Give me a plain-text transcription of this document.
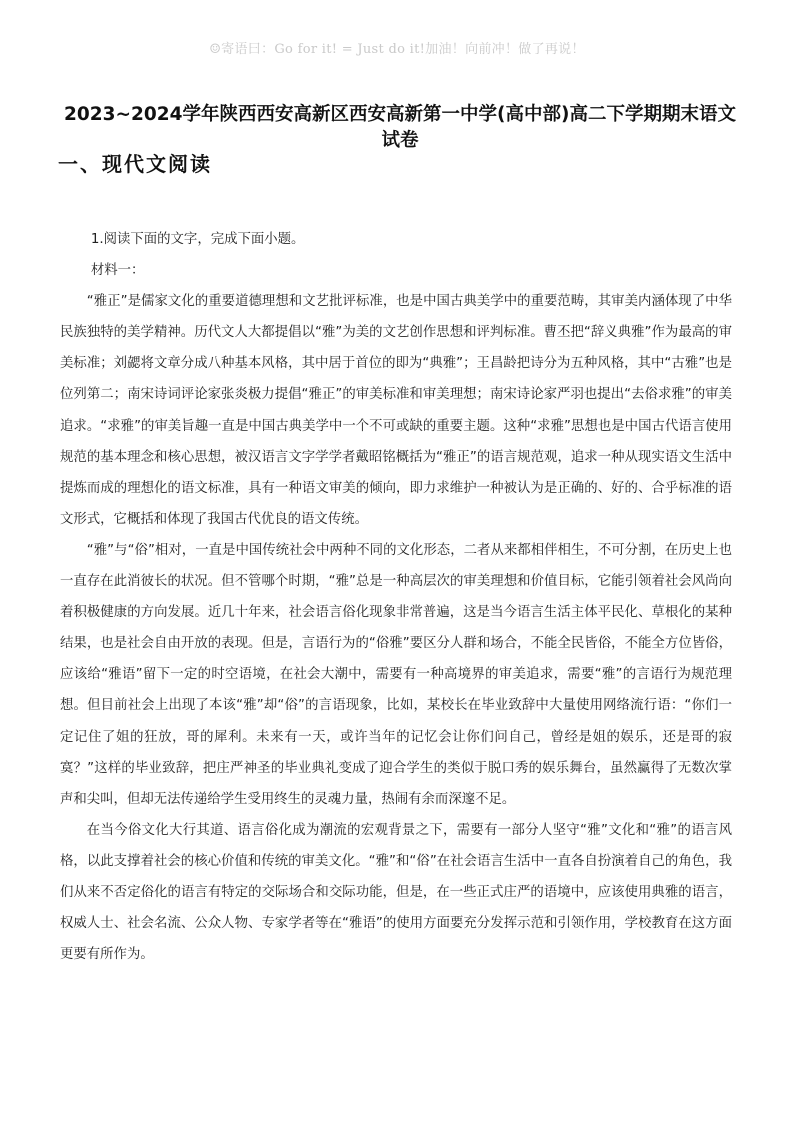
☺寄语曰：Go for it! = Just do it!加油！向前冲！做了再说！
2023~2024学年陕西西安高新区西安高新第一中学(高中部)高二下学期期末语文试卷
一、现代文阅读

1.阅读下面的文字，完成下面小题。

材料一：

“雅正”是儒家文化的重要道德理想和文艺批评标准，也是中国古典美学中的重要范畴，其审美内涵体现了中华民族独特的美学精神。历代文人大都提倡以“雅”为美的文艺创作思想和评判标准。曹丕把“辞义典雅”作为最高的审美标准；刘勰将文章分成八种基本风格，其中居于首位的即为“典雅”；王昌龄把诗分为五种风格，其中“古雅”也是位列第二；南宋诗词评论家张炎极力提倡“雅正”的审美标准和审美理想；南宋诗论家严羽也提出“去俗求雅”的审美追求。“求雅”的审美旨趣一直是中国古典美学中一个不可或缺的重要主题。这种“求雅”思想也是中国古代语言使用规范的基本理念和核心思想，被汉语言文字学学者戴昭铭概括为“雅正”的语言规范观，追求一种从现实语文生活中提炼而成的理想化的语文标准，具有一种语文审美的倾向，即力求维护一种被认为是正确的、好的、合乎标准的语文形式，它概括和体现了我国古代优良的语文传统。

“雅”与“俗”相对，一直是中国传统社会中两种不同的文化形态，二者从来都相伴相生，不可分割，在历史上也一直存在此消彼长的状况。但不管哪个时期，“雅”总是一种高层次的审美理想和价值目标，它能引领着社会风尚向着积极健康的方向发展。近几十年来，社会语言俗化现象非常普遍，这是当今语言生活主体平民化、草根化的某种结果，也是社会自由开放的表现。但是，言语行为的“俗雅”要区分人群和场合，不能全民皆俗，不能全方位皆俗，应该给“雅语”留下一定的时空语境，在社会大潮中，需要有一种高境界的审美追求，需要“雅”的言语行为规范理想。但目前社会上出现了本该“雅”却“俗”的言语现象，比如，某校长在毕业致辞中大量使用网络流行语：“你们一定记住了姐的狂放，哥的犀利。未来有一天，或许当年的记忆会让你们问自己，曾经是姐的娱乐，还是哥的寂寞？”这样的毕业致辞，把庄严神圣的毕业典礼变成了迎合学生的类似于脱口秀的娱乐舞台，虽然赢得了无数次掌声和尖叫，但却无法传递给学生受用终生的灵魂力量，热闹有余而深邃不足。

在当今俗文化大行其道、语言俗化成为潮流的宏观背景之下，需要有一部分人坚守“雅”文化和“雅”的语言风格，以此支撑着社会的核心价值和传统的审美文化。“雅”和“俗”在社会语言生活中一直各自扮演着自己的角色，我们从来不否定俗化的语言有特定的交际场合和交际功能，但是，在一些正式庄严的语境中，应该使用典雅的语言，权威人士、社会名流、公众人物、专家学者等在“雅语”的使用方面要充分发挥示范和引领作用，学校教育在这方面更要有所作为。
